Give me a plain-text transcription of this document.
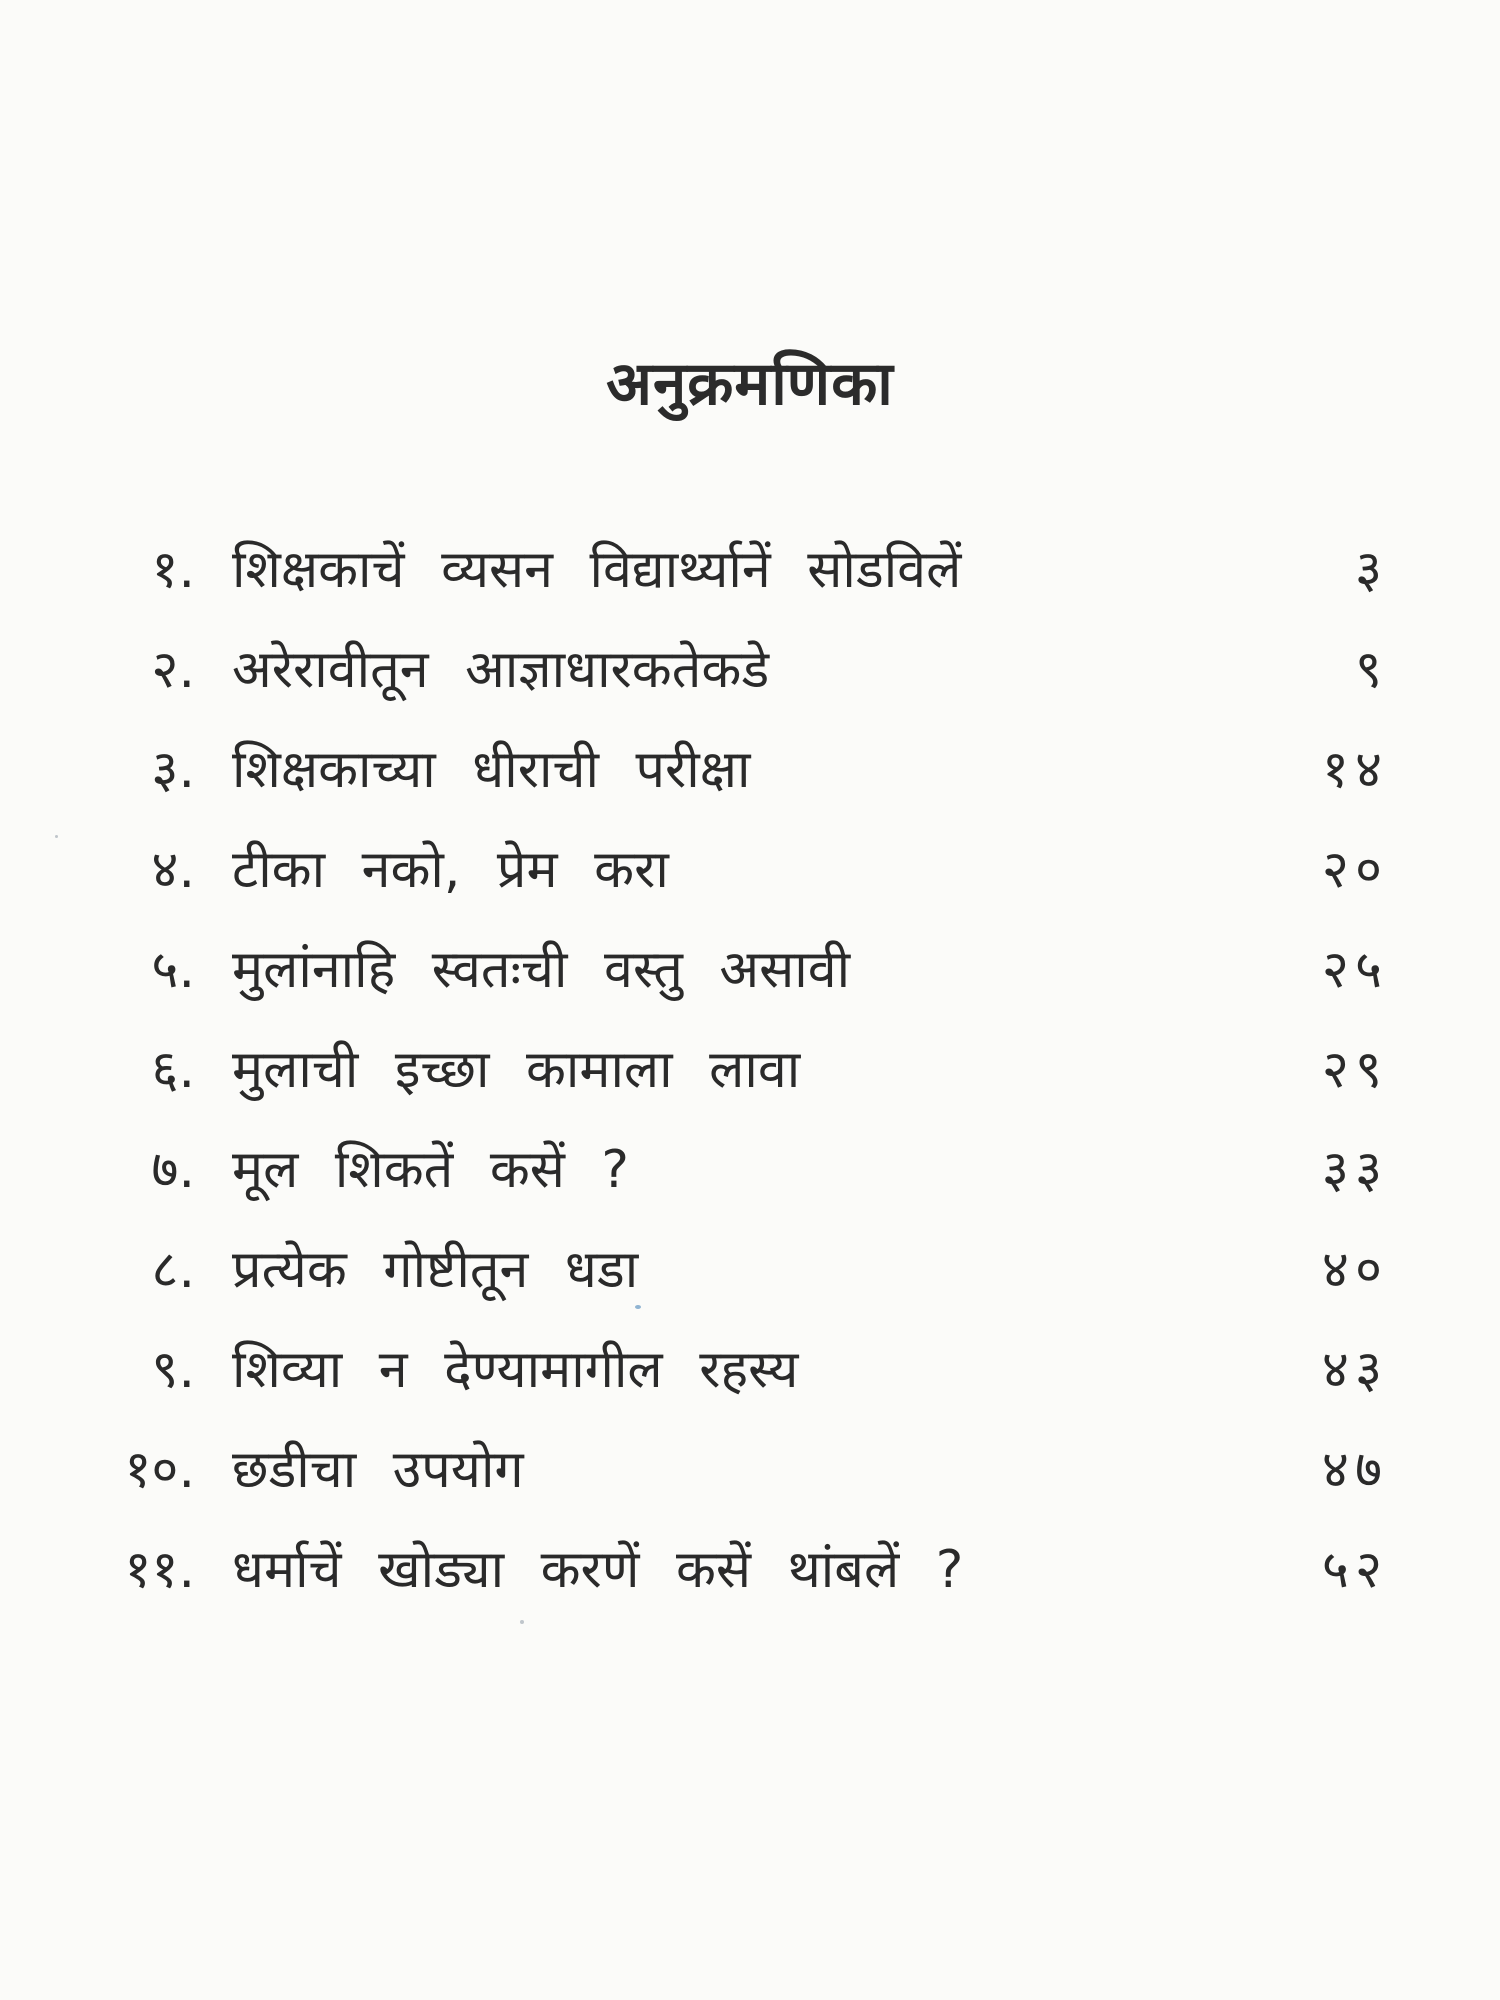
अनुक्रमणिका
१. शिक्षकाचें व्यसन विद्यार्थ्यानें सोडविलें	३
२. अरेरावीतून आज्ञाधारकतेकडे	९
३. शिक्षकाच्या धीराची परीक्षा	१४
४. टीका नको, प्रेम करा	२०
५. मुलांनाहि स्वतःची वस्तु असावी	२५
६. मुलाची इच्छा कामाला लावा	२९
७. मूल शिकतें कसें ?	३३
८. प्रत्येक गोष्टीतून धडा	४०
९. शिव्या न देण्यामागील रहस्य	४३
१०. छडीचा उपयोग	४७
११. धर्माचें खोड्या करणें कसें थांबलें ?	५२
